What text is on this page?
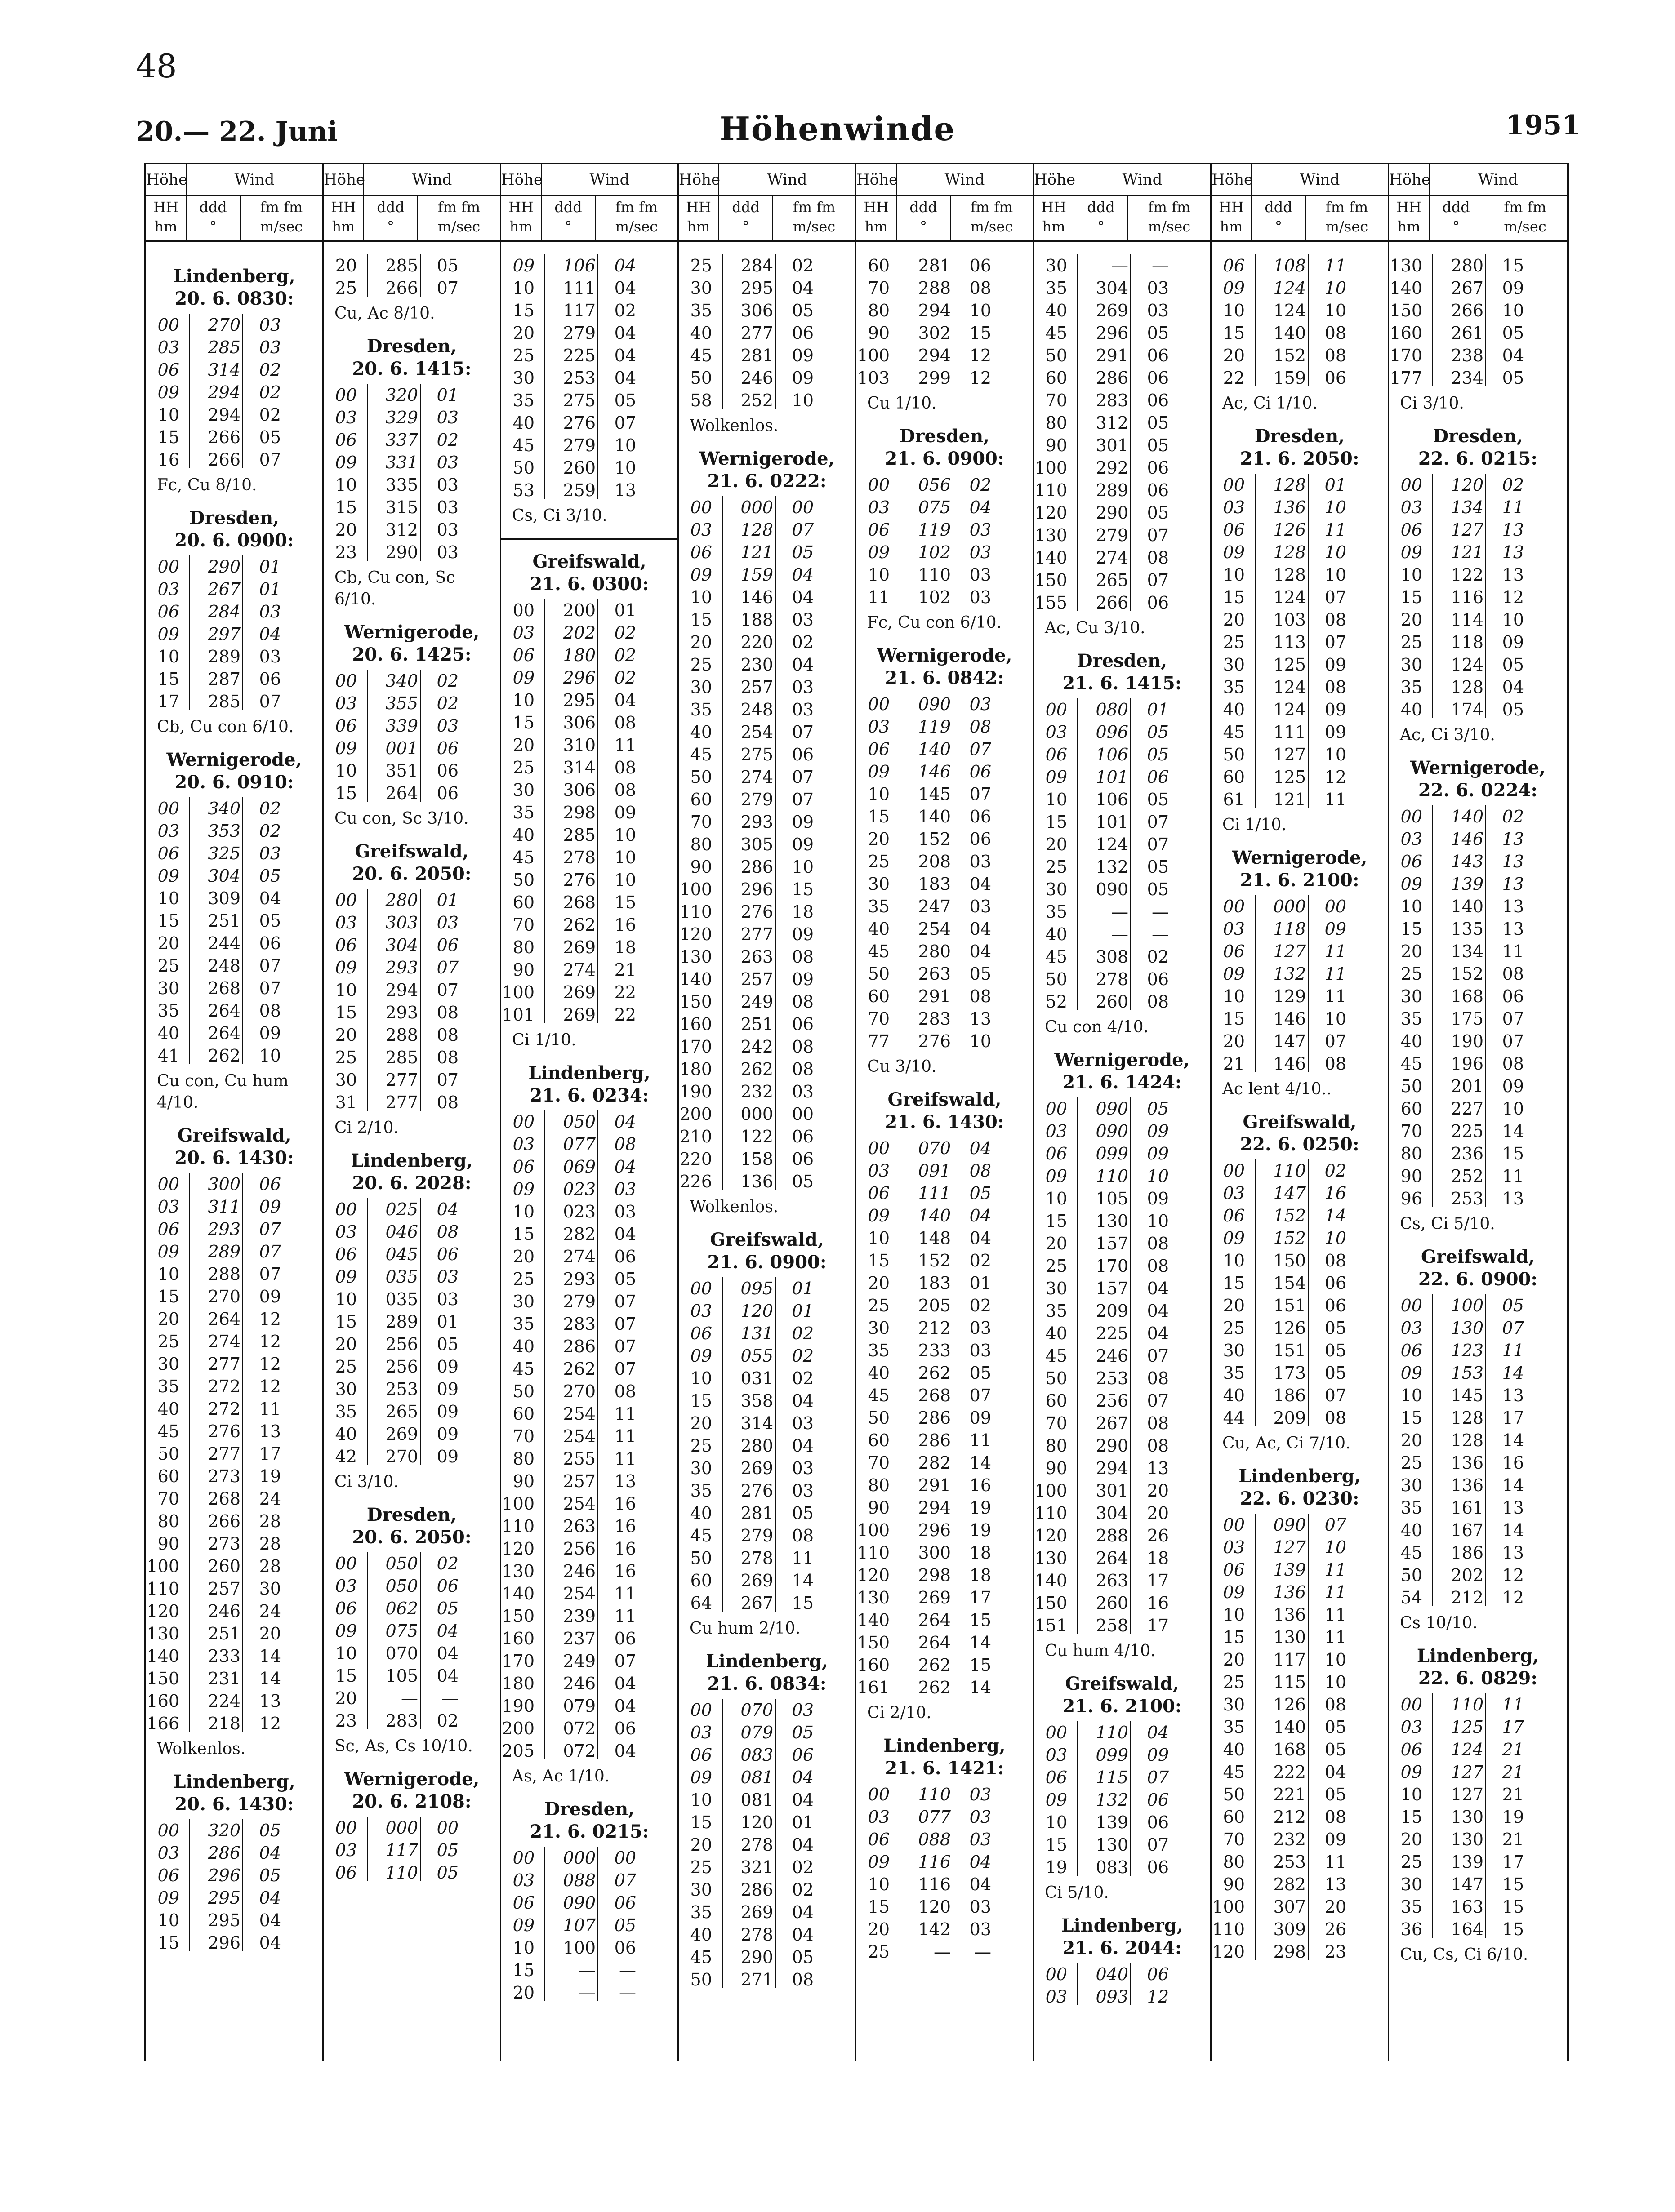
48
20.— 22. Juni	Höhenwinde	1951
Höhe	Wind
HH
hm
ddd
°
fm fm
m/sec
Lindenberg,
20. 6. 0830:
00	270	03
03	285	03
06	314	02
09	294	02
10	294	02
15	266	05
16	266	07
Fc, Cu 8/10.
Dresden,
20. 6. 0900:
00	290	01
03	267	01
06	284	03
09	297	04
10	289	03
15	287	06
17	285	07
Cb, Cu con 6/10.
Wernigerode,
20. 6. 0910:
00	340	02
03	353	02
06	325	03
09	304	05
10	309	04
15	251	05
20	244	06
25	248	07
30	268	07
35	264	08
40	264	09
41	262	10
Cu con, Cu hum
4/10.
Greifswald,
20. 6. 1430:
00	300	06
03	311	09
06	293	07
09	289	07
10	288	07
15	270	09
20	264	12
25	274	12
30	277	12
35	272	12
40	272	11
45	276	13
50	277	17
60	273	19
70	268	24
80	266	28
90	273	28
100	260	28
110	257	30
120	246	24
130	251	20
140	233	14
150	231	14
160	224	13
166	218	12
Wolkenlos.
Lindenberg,
20. 6. 1430:
00	320	05
03	286	04
06	296	05
09	295	04
10	295	04
15	296	04
Höhe	Wind
HH
hm
ddd
°
fm fm
m/sec
20	285	05
25	266	07
Cu, Ac 8/10.
Dresden,
20. 6. 1415:
00	320	01
03	329	03
06	337	02
09	331	03
10	335	03
15	315	03
20	312	03
23	290	03
Cb, Cu con, Sc
6/10.
Wernigerode,
20. 6. 1425:
00	340	02
03	355	02
06	339	03
09	001	06
10	351	06
15	264	06
Cu con, Sc 3/10.
Greifswald,
20. 6. 2050:
00	280	01
03	303	03
06	304	06
09	293	07
10	294	07
15	293	08
20	288	08
25	285	08
30	277	07
31	277	08
Ci 2/10.
Lindenberg,
20. 6. 2028:
00	025	04
03	046	08
06	045	06
09	035	03
10	035	03
15	289	01
20	256	05
25	256	09
30	253	09
35	265	09
40	269	09
42	270	09
Ci 3/10.
Dresden,
20. 6. 2050:
00	050	02
03	050	06
06	062	05
09	075	04
10	070	04
15	105	04
20	—	—
23	283	02
Sc, As, Cs 10/10.
Wernigerode,
20. 6. 2108:
00	000	00
03	117	05
06	110	05
Höhe	Wind
HH
hm
ddd
°
fm fm
m/sec
09	106	04
10	111	04
15	117	02
20	279	04
25	225	04
30	253	04
35	275	05
40	276	07
45	279	10
50	260	10
53	259	13
Cs, Ci 3/10.
Greifswald,
21. 6. 0300:
00	200	01
03	202	02
06	180	02
09	296	02
10	295	04
15	306	08
20	310	11
25	314	08
30	306	08
35	298	09
40	285	10
45	278	10
50	276	10
60	268	15
70	262	16
80	269	18
90	274	21
100	269	22
101	269	22
Ci 1/10.
Lindenberg,
21. 6. 0234:
00	050	04
03	077	08
06	069	04
09	023	03
10	023	03
15	282	04
20	274	06
25	293	05
30	279	07
35	283	07
40	286	07
45	262	07
50	270	08
60	254	11
70	254	11
80	255	11
90	257	13
100	254	16
110	263	16
120	256	16
130	246	16
140	254	11
150	239	11
160	237	06
170	249	07
180	246	04
190	079	04
200	072	06
205	072	04
As, Ac 1/10.
Dresden,
21. 6. 0215:
00	000	00
03	088	07
06	090	06
09	107	05
10	100	06
15	—	—
20	—	—
Höhe	Wind
HH
hm
ddd
°
fm fm
m/sec
25	284	02
30	295	04
35	306	05
40	277	06
45	281	09
50	246	09
58	252	10
Wolkenlos.
Wernigerode,
21. 6. 0222:
00	000	00
03	128	07
06	121	05
09	159	04
10	146	04
15	188	03
20	220	02
25	230	04
30	257	03
35	248	03
40	254	07
45	275	06
50	274	07
60	279	07
70	293	09
80	305	09
90	286	10
100	296	15
110	276	18
120	277	09
130	263	08
140	257	09
150	249	08
160	251	06
170	242	08
180	262	08
190	232	03
200	000	00
210	122	06
220	158	06
226	136	05
Wolkenlos.
Greifswald,
21. 6. 0900:
00	095	01
03	120	01
06	131	02
09	055	02
10	031	02
15	358	04
20	314	03
25	280	04
30	269	03
35	276	03
40	281	05
45	279	08
50	278	11
60	269	14
64	267	15
Cu hum 2/10.
Lindenberg,
21. 6. 0834:
00	070	03
03	079	05
06	083	06
09	081	04
10	081	04
15	120	01
20	278	04
25	321	02
30	286	02
35	269	04
40	278	04
45	290	05
50	271	08
Höhe	Wind
HH
hm
ddd
°
fm fm
m/sec
60	281	06
70	288	08
80	294	10
90	302	15
100	294	12
103	299	12
Cu 1/10.
Dresden,
21. 6. 0900:
00	056	02
03	075	04
06	119	03
09	102	03
10	110	03
11	102	03
Fc, Cu con 6/10.
Wernigerode,
21. 6. 0842:
00	090	03
03	119	08
06	140	07
09	146	06
10	145	07
15	140	06
20	152	06
25	208	03
30	183	04
35	247	03
40	254	04
45	280	04
50	263	05
60	291	08
70	283	13
77	276	10
Cu 3/10.
Greifswald,
21. 6. 1430:
00	070	04
03	091	08
06	111	05
09	140	04
10	148	04
15	152	02
20	183	01
25	205	02
30	212	03
35	233	03
40	262	05
45	268	07
50	286	09
60	286	11
70	282	14
80	291	16
90	294	19
100	296	19
110	300	18
120	298	18
130	269	17
140	264	15
150	264	14
160	262	15
161	262	14
Ci 2/10.
Lindenberg,
21. 6. 1421:
00	110	03
03	077	03
06	088	03
09	116	04
10	116	04
15	120	03
20	142	03
25	—	—
Höhe	Wind
HH
hm
ddd
°
fm fm
m/sec
30	—	—
35	304	03
40	269	03
45	296	05
50	291	06
60	286	06
70	283	06
80	312	05
90	301	05
100	292	06
110	289	06
120	290	05
130	279	07
140	274	08
150	265	07
155	266	06
Ac, Cu 3/10.
Dresden,
21. 6. 1415:
00	080	01
03	096	05
06	106	05
09	101	06
10	106	05
15	101	07
20	124	07
25	132	05
30	090	05
35	—	—
40	—	—
45	308	02
50	278	06
52	260	08
Cu con 4/10.
Wernigerode,
21. 6. 1424:
00	090	05
03	090	09
06	099	09
09	110	10
10	105	09
15	130	10
20	157	08
25	170	08
30	157	04
35	209	04
40	225	04
45	246	07
50	253	08
60	256	07
70	267	08
80	290	08
90	294	13
100	301	20
110	304	20
120	288	26
130	264	18
140	263	17
150	260	16
151	258	17
Cu hum 4/10.
Greifswald,
21. 6. 2100:
00	110	04
03	099	09
06	115	07
09	132	06
10	139	06
15	130	07
19	083	06
Ci 5/10.
Lindenberg,
21. 6. 2044:
00	040	06
03	093	12
Höhe	Wind
HH
hm
ddd
°
fm fm
m/sec
06	108	11
09	124	10
10	124	10
15	140	08
20	152	08
22	159	06
Ac, Ci 1/10.
Dresden,
21. 6. 2050:
00	128	01
03	136	10
06	126	11
09	128	10
10	128	10
15	124	07
20	103	08
25	113	07
30	125	09
35	124	08
40	124	09
45	111	09
50	127	10
60	125	12
61	121	11
Ci 1/10.
Wernigerode,
21. 6. 2100:
00	000	00
03	118	09
06	127	11
09	132	11
10	129	11
15	146	10
20	147	07
21	146	08
Ac lent 4/10..
Greifswald,
22. 6. 0250:
00	110	02
03	147	16
06	152	14
09	152	10
10	150	08
15	154	06
20	151	06
25	126	05
30	151	05
35	173	05
40	186	07
44	209	08
Cu, Ac, Ci 7/10.
Lindenberg,
22. 6. 0230:
00	090	07
03	127	10
06	139	11
09	136	11
10	136	11
15	130	11
20	117	10
25	115	10
30	126	08
35	140	05
40	168	05
45	222	04
50	221	05
60	212	08
70	232	09
80	253	11
90	282	13
100	307	20
110	309	26
120	298	23
Höhe	Wind
HH
hm
ddd
°
fm fm
m/sec
130	280	15
140	267	09
150	266	10
160	261	05
170	238	04
177	234	05
Ci 3/10.
Dresden,
22. 6. 0215:
00	120	02
03	134	11
06	127	13
09	121	13
10	122	13
15	116	12
20	114	10
25	118	09
30	124	05
35	128	04
40	174	05
Ac, Ci 3/10.
Wernigerode,
22. 6. 0224:
00	140	02
03	146	13
06	143	13
09	139	13
10	140	13
15	135	13
20	134	11
25	152	08
30	168	06
35	175	07
40	190	07
45	196	08
50	201	09
60	227	10
70	225	14
80	236	15
90	252	11
96	253	13
Cs, Ci 5/10.
Greifswald,
22. 6. 0900:
00	100	05
03	130	07
06	123	11
09	153	14
10	145	13
15	128	17
20	128	14
25	136	16
30	136	14
35	161	13
40	167	14
45	186	13
50	202	12
54	212	12
Cs 10/10.
Lindenberg,
22. 6. 0829:
00	110	11
03	125	17
06	124	21
09	127	21
10	127	21
15	130	19
20	130	21
25	139	17
30	147	15
35	163	15
36	164	15
Cu, Cs, Ci 6/10.
